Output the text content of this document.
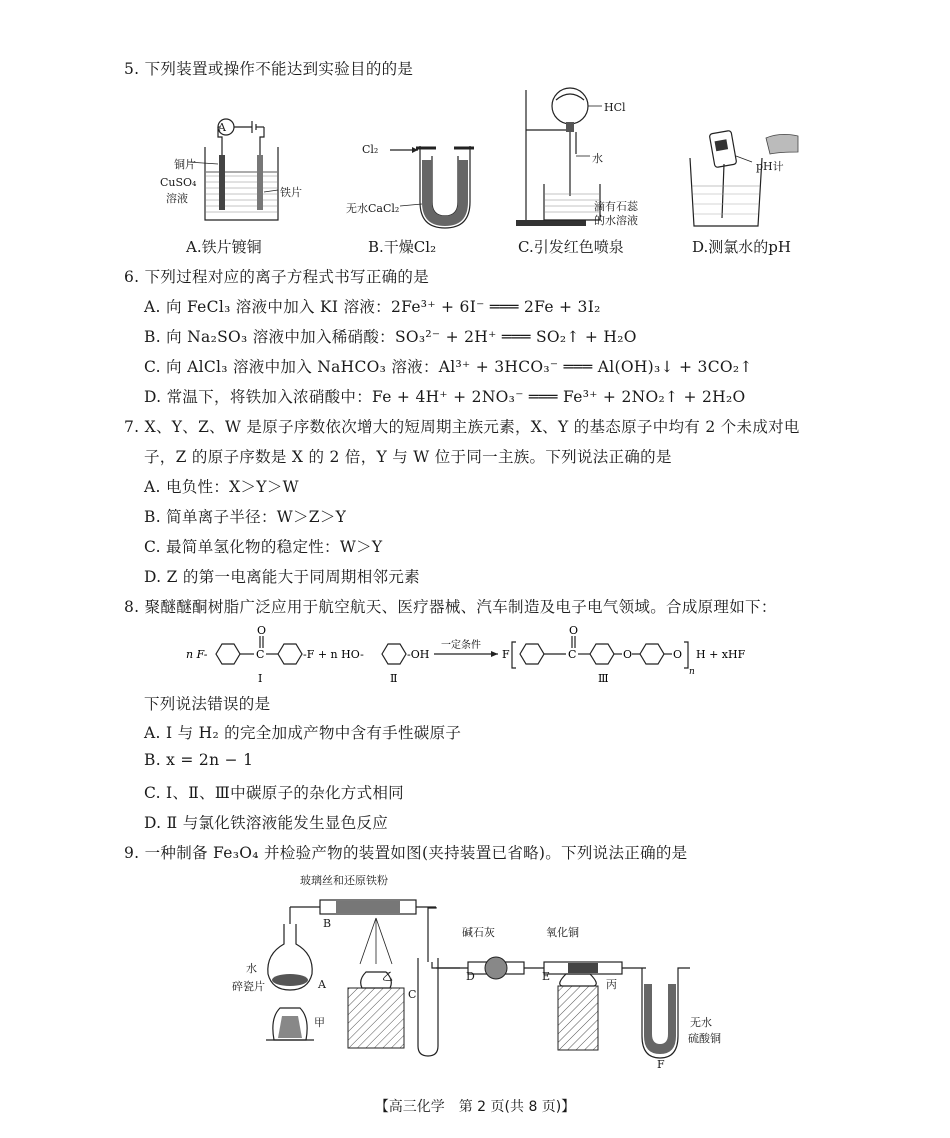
5. 下列装置或操作不能达到实验目的的是
A
铜片
CuSO₄
溶液	铁片
A.铁片镀铜
Cl₂
无水CaCl₂
B.干燥Cl₂
HCl
水
滴有石蕊
的水溶液
C.引发红色喷泉
pH计
D.测氯水的pH
6. 下列过程对应的离子方程式书写正确的是
A. 向 FeCl₃ 溶液中加入 KI 溶液：2Fe³⁺ + 6I⁻ ═══ 2Fe + 3I₂
B. 向 Na₂SO₃ 溶液中加入稀硝酸：SO₃²⁻ + 2H⁺ ═══ SO₂↑ + H₂O
C. 向 AlCl₃ 溶液中加入 NaHCO₃ 溶液：Al³⁺ + 3HCO₃⁻ ═══ Al(OH)₃↓ + 3CO₂↑
D. 常温下，将铁加入浓硝酸中：Fe + 4H⁺ + 2NO₃⁻ ═══ Fe³⁺ + 2NO₂↑ + 2H₂O
7. X、Y、Z、W 是原子序数依次增大的短周期主族元素，X、Y 的基态原子中均有 2 个未成对电
子，Z 的原子序数是 X 的 2 倍，Y 与 W 位于同一主族。下列说法正确的是
A. 电负性：X＞Y＞W
B. 简单离子半径：W＞Z＞Y
C. 最简单氢化物的稳定性：W＞Y
D. Z 的第一电离能大于同周期相邻元素
8. 聚醚醚酮树脂广泛应用于航空航天、医疗器械、汽车制造及电子电气领域。合成原理如下：
n F-	C
O
-F + n HO-	-OH
一定条件
F	C
O
O	O
n
H + xHF
Ⅰ	Ⅱ	Ⅲ
下列说法错误的是
A. Ⅰ 与 H₂ 的完全加成产物中含有手性碳原子
B. x = 2n − 1
C. Ⅰ、Ⅱ、Ⅲ中碳原子的杂化方式相同
D. Ⅱ 与氯化铁溶液能发生显色反应
9. 一种制备 Fe₃O₄ 并检验产物的装置如图(夹持装置已省略)。下列说法正确的是
玻璃丝和还原铁粉
B
水
碎瓷片	A
甲
乙
C
碱石灰
D
氧化铜
E
丙
无水
硫酸铜
F
【高三化学　第 2 页(共 8 页)】
